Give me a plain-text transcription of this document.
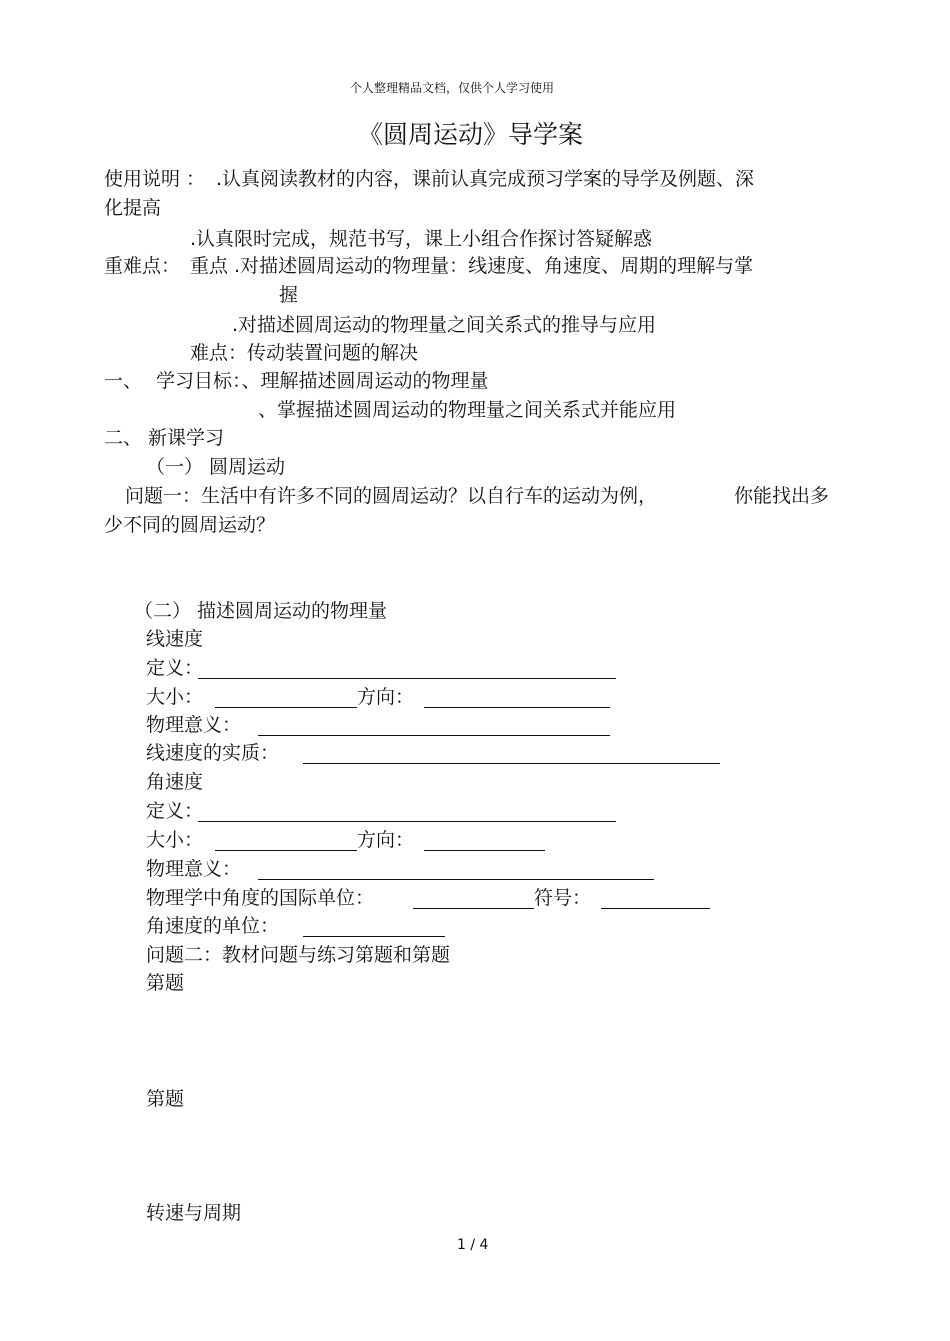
个人整理精品文档，仅供个人学习使用
《圆周运动》导学案
使用说明 ： .认真阅读教材的内容，课前认真完成预习学案的导学及例题、深
化提高
.认真限时完成，规范书写，课上小组合作探讨答疑解惑
重难点： 重点 .对描述圆周运动的物理量：线速度、角速度、周期的理解与掌
握
.对描述圆周运动的物理量之间关系式的推导与应用
难点：传动装置问题的解决
一、 学习目标：、理解描述圆周运动的物理量
、掌握描述圆周运动的物理量之间关系式并能应用
二、 新课学习
（一） 圆周运动
问题一：生活中有许多不同的圆周运动？以自行车的运动为例，	你能找出多
少不同的圆周运动？
（二） 描述圆周运动的物理量
线速度
定义：
大小：	方向：
物理意义：
线速度的实质：
角速度
定义：
大小：	方向：
物理意义：
物理学中角度的国际单位：	符号：
角速度的单位：
问题二：教材问题与练习第题和第题
第题
第题
转速与周期
1 / 4
